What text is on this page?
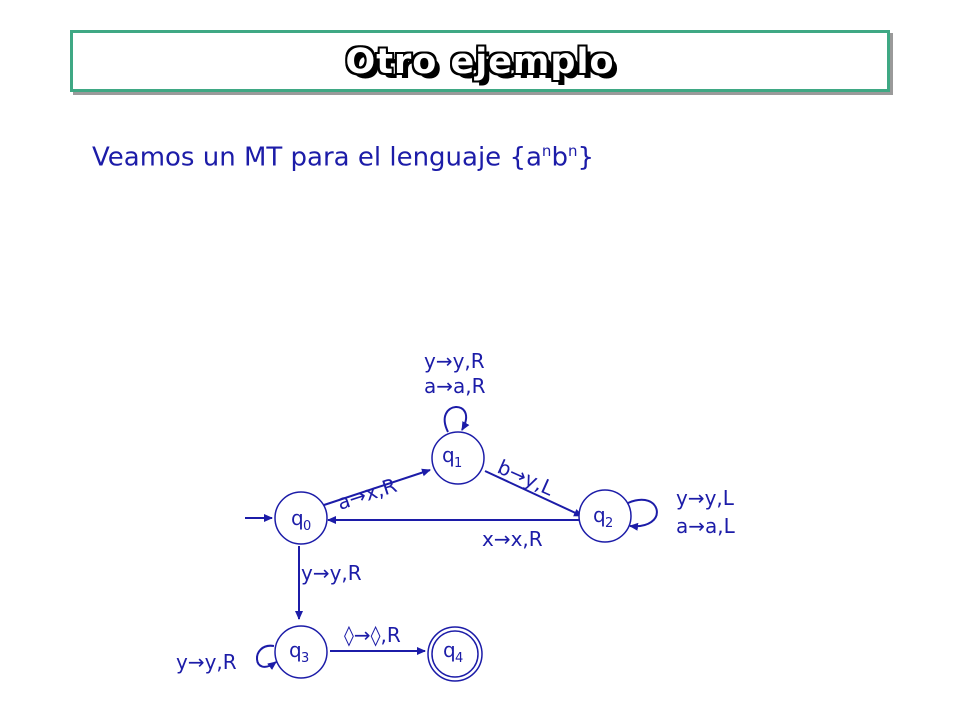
Otro ejemplo
Veamos un MT para el lenguaje $\{a^nb^n\}$
q 0
q 1
q 2
q 3	q 4
y→y,R
a→a,R
a→x,R	b→y,L	y→y,L
a→a,L
x→x,R
y→y,R
y→y,R
◊→◊,R
